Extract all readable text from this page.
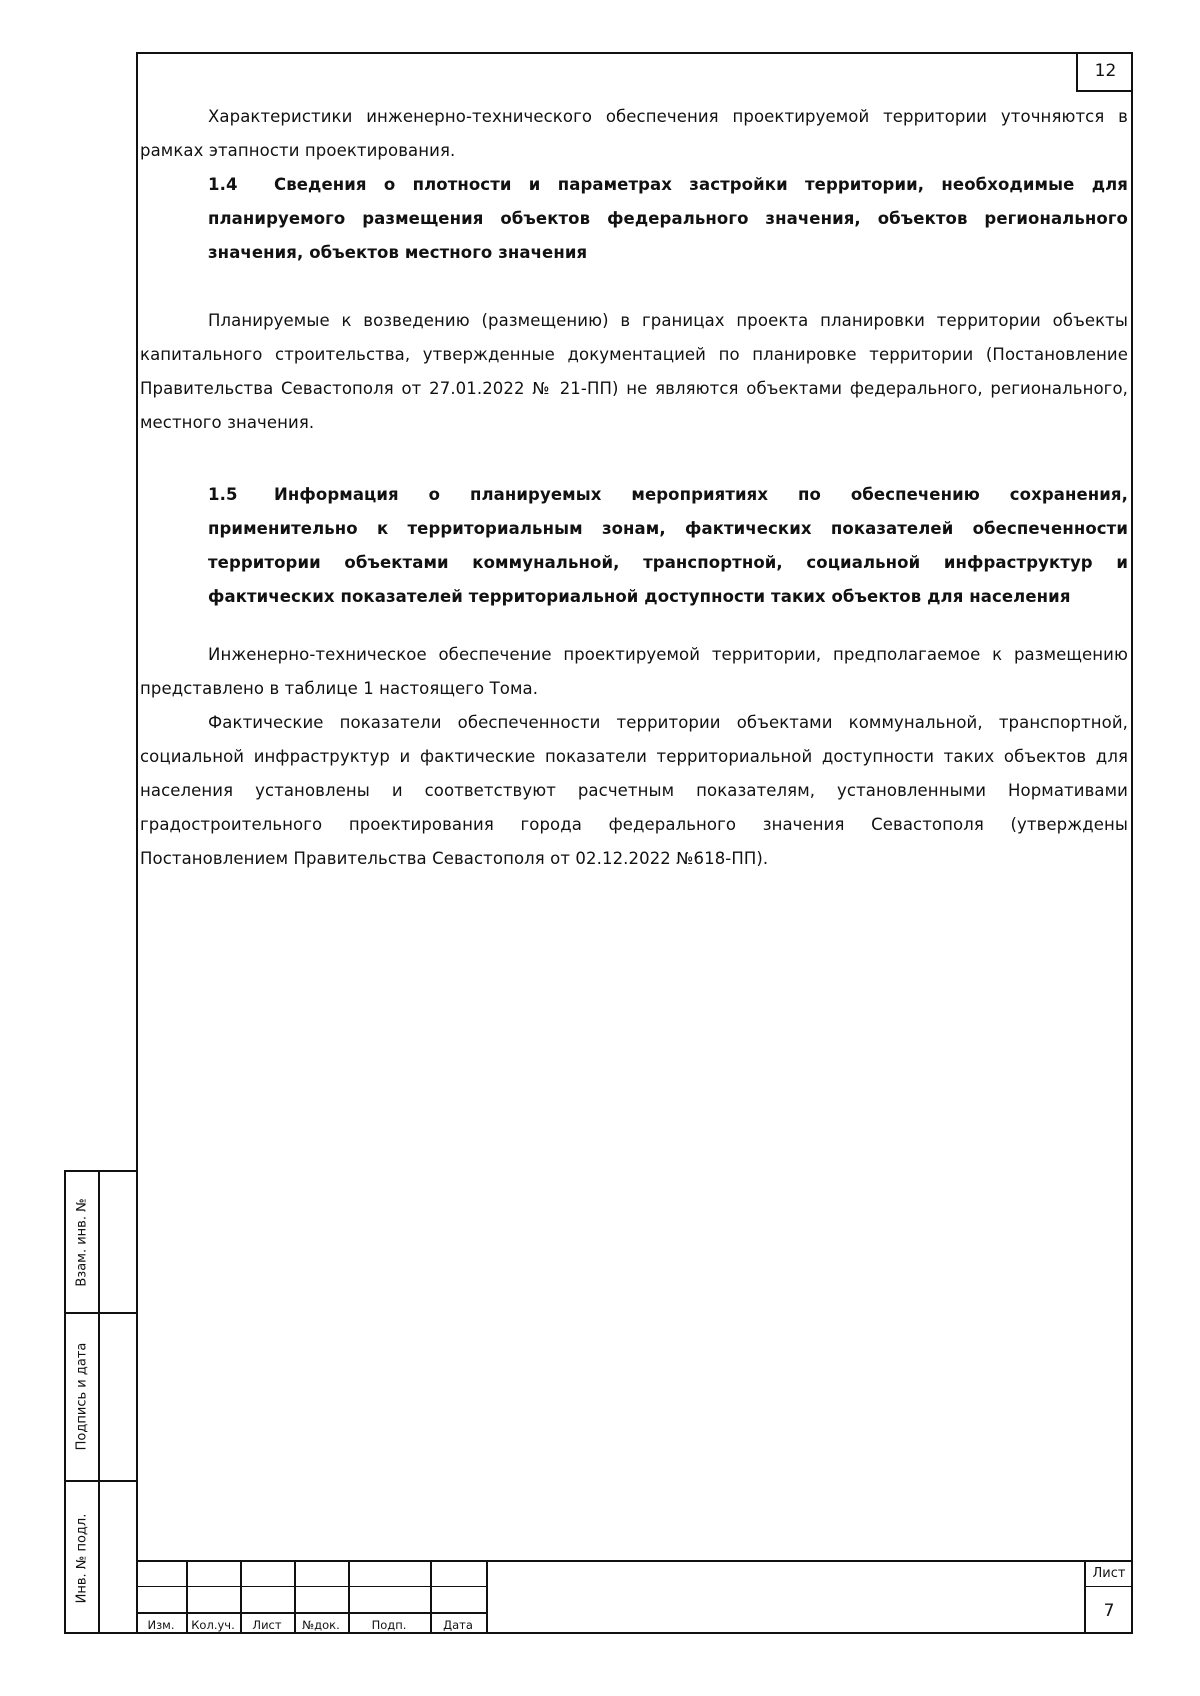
12

Характеристики инженерно-технического обеспечения проектируемой территории уточняются в рамках этапности проектирования.

1.4 Сведения о плотности и параметрах застройки территории, необходимые для планируемого размещения объектов федерального значения, объектов регионального значения, объектов местного значения

Планируемые к возведению (размещению) в границах проекта планировки территории объекты капитального строительства, утвержденные документацией по планировке территории (Постановление Правительства Севастополя от 27.01.2022 № 21-ПП) не являются объектами федерального, регионального, местного значения.

1.5 Информация о планируемых мероприятиях по обеспечению сохранения, применительно к территориальным зонам, фактических показателей обеспеченности территории объектами коммунальной, транспортной, социальной инфраструктур и фактических показателей территориальной доступности таких объектов для населения

Инженерно-техническое обеспечение проектируемой территории, предполагаемое к размещению представлено в таблице 1 настоящего Тома.

Фактические показатели обеспеченности территории объектами коммунальной, транспортной, социальной инфраструктур и фактические показатели территориальной доступности таких объектов для населения установлены и соответствуют расчетным показателям, установленными Нормативами градостроительного проектирования города федерального значения Севастополя (утверждены Постановлением Правительства Севастополя от 02.12.2022 №618-ПП).

Взам. инв. №
Подпись и дата
Инв. № подл.
Изм.	Кол.уч.	Лист	№док.	Подп.	Дата
Лист
7
